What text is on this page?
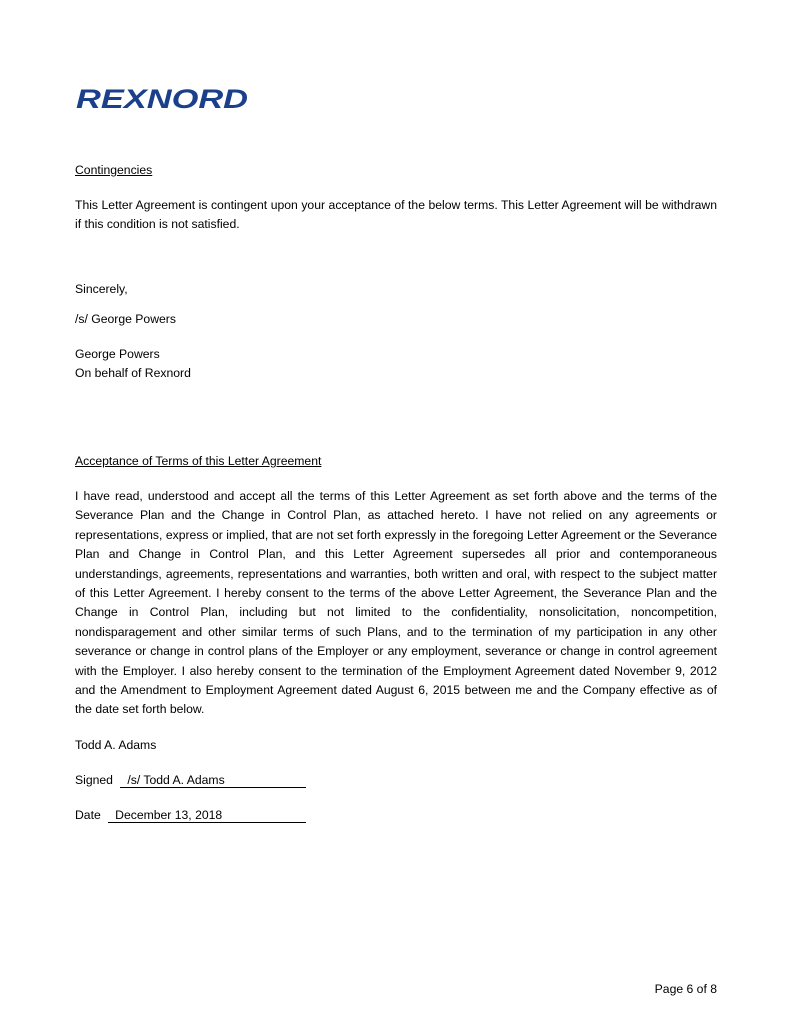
REXNORD
Contingencies
This Letter Agreement is contingent upon your acceptance of the below terms. This Letter Agreement will be withdrawn if this condition is not satisfied.
Sincerely,
/s/ George Powers
George Powers
On behalf of Rexnord
Acceptance of Terms of this Letter Agreement
I have read, understood and accept all the terms of this Letter Agreement as set forth above and the terms of the Severance Plan and the Change in Control Plan, as attached hereto. I have not relied on any agreements or representations, express or implied, that are not set forth expressly in the foregoing Letter Agreement or the Severance Plan and Change in Control Plan, and this Letter Agreement supersedes all prior and contemporaneous understandings, agreements, representations and warranties, both written and oral, with respect to the subject matter of this Letter Agreement. I hereby consent to the terms of the above Letter Agreement, the Severance Plan and the Change in Control Plan, including but not limited to the confidentiality, nonsolicitation, noncompetition, nondisparagement and other similar terms of such Plans, and to the termination of my participation in any other severance or change in control plans of the Employer or any employment, severance or change in control agreement with the Employer. I also hereby consent to the termination of the Employment Agreement dated November 9, 2012 and the Amendment to Employment Agreement dated August 6, 2015 between me and the Company effective as of the date set forth below.
Todd A. Adams
Signed /s/ Todd A. Adams
Date December 13, 2018
Page 6 of 8
